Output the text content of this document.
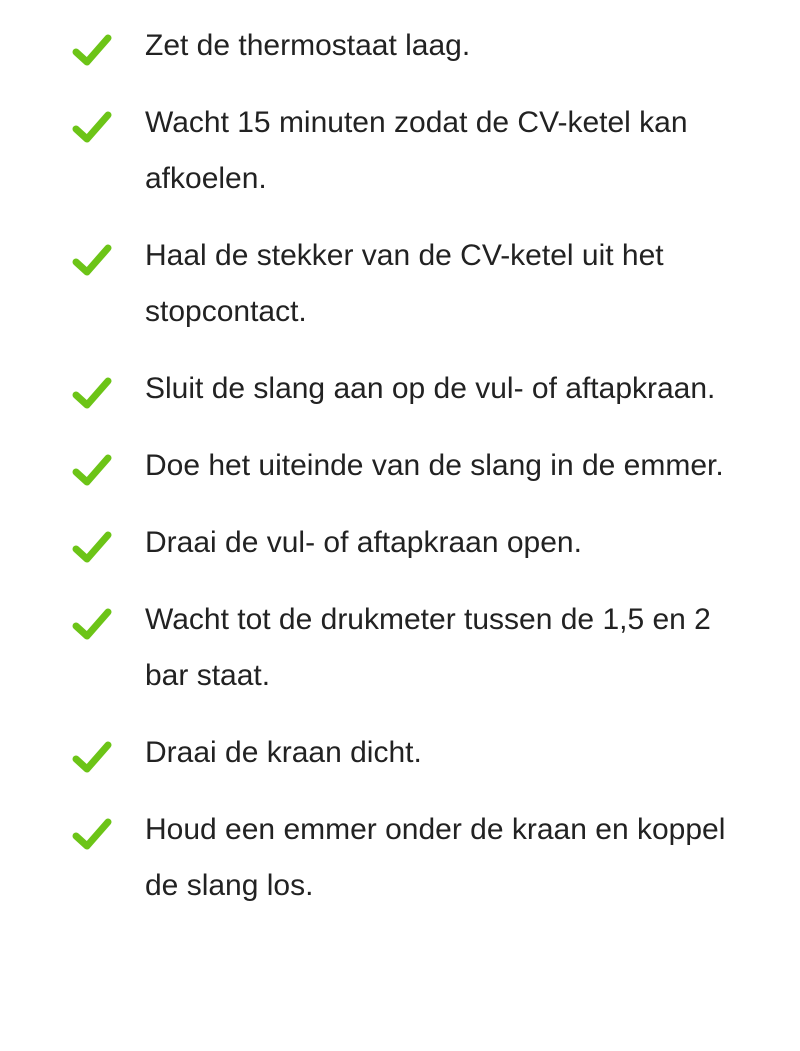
Zet de thermostaat laag.
Wacht 15 minuten zodat de CV-ketel kan afkoelen.
Haal de stekker van de CV-ketel uit het stopcontact.
Sluit de slang aan op de vul- of aftapkraan.
Doe het uiteinde van de slang in de emmer.
Draai de vul- of aftapkraan open.
Wacht tot de drukmeter tussen de 1,5 en 2 bar staat.
Draai de kraan dicht.
Houd een emmer onder de kraan en koppel de slang los.
